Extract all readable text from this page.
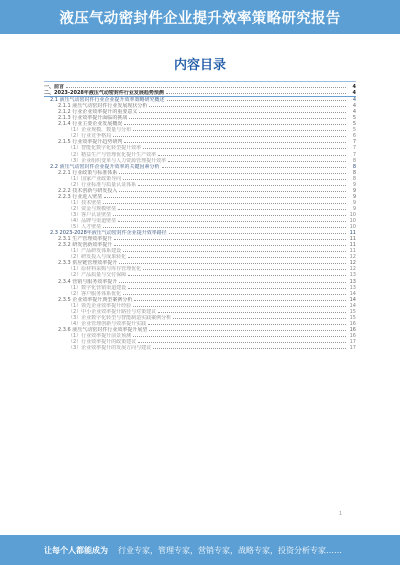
液压气动密封件企业提升效率策略研究报告
内容目录
一、前言	4
二、2023-2028年液压气动密封件行业发展趋势预测	4
2.1 液压气动密封件行业企业提升效率策略研究概述	4
2.1.1 液压气动密封件行业发展现状分析	4
2.1.2 行业企业效率提升的重要意义	4
2.1.3 行业效率提升面临的挑战	5
2.1.4 行业主要企业发展概况	5
（1）企业规模、数量与分布	5
（2）行业竞争格局	6
2.1.5 行业效率提升趋势研判	7
（1）智能化数字化转型提升效率	7
（2）精益生产与管理优化提升生产效率	7
（3）企业组织变革与人力资源管理提升效率	8
2.2 液压气动密封件企业提升效率的关键因素分析	8
2.2.1 行业政策与标准体系	8
（1）国家产业政策导向	8
（2）行业标准与质量认证体系	9
2.2.2 技术创新与研发投入	9
2.2.3 行业进入壁垒	9
（1）技术壁垒	9
（2）资金与规模壁垒	9
（3）客户认证壁垒	10
（4）品牌与渠道壁垒	10
（5）人才壁垒	10
2.3 2023-2028年液压气动密封件企业提升效率路径	11
2.3.1 生产管理效率提升	11
2.3.2 研发创新效率提升	11
（1）产品研发体系建设	11
（2）研发投入与成果转化	12
2.3.3 供应链管理效率提升	12
（1）原材料采购与库存管理优化	12
（2）产品质量与交付保障	13
2.3.4 营销与服务效率提升	13
（1）数字化营销渠道建设	13
（2）客户服务体系优化	14
2.3.5 企业效率提升典型案例分析	14
（1）领先企业效率提升经验	14
（2）中小企业效率提升路径与对策建议	15
（3）企业数字化转型与智能制造实践案例分析	15
（4）企业管理创新与效率提升实践	16
2.3.6 液压气动密封件行业效率提升展望	16
（1）行业效率提升前景预测	16
（2）行业效率提升的政策建议	17
（3）企业效率提升的发展方向与建议	17
1
让每个人都能成为 行业专家，管理专家，营销专家，战略专家，投资分析专家……
